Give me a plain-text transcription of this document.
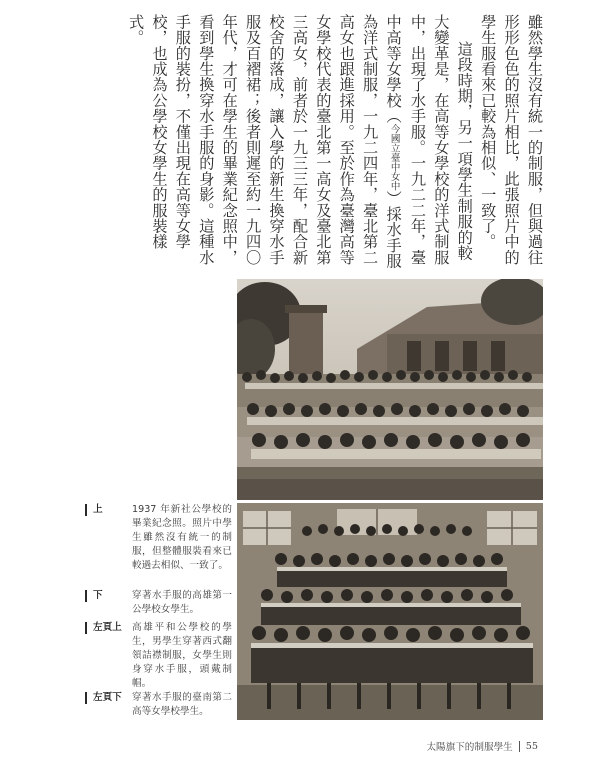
雖然學生沒有統一的制服，但與過往形形色色的照片相比，此張照片中的學生服看來已較為相似、一致了。

這段時期，另一項學生制服的較大變革是，在高等女學校的洋式制服中，出現了水手服。一九二二年，臺中高等女學校（今國立臺中女中）採水手服為洋式制服，一九二四年，臺北第二高女也跟進採用。至於作為臺灣高等女學校代表的臺北第一高女及臺北第三高女，前者於一九三三年，配合新校舍的落成，讓入學的新生換穿水手服及百褶裙；後者則遲至約一九四〇年代，才可在學生的畢業紀念照中，看到學生換穿水手服的身影。這種水手服的裝扮，不僅出現在高等女學校，也成為公學校女學生的服裝樣式。

上	1937 年新社公學校的畢業紀念照。照片中學生雖然沒有統一的制服，但整體服裝看來已較過去相似、一致了。
下	穿著水手服的高雄第一公學校女學生。
左頁上	高雄平和公學校的學生，男學生穿著西式翻領詰襟制服，女學生則身穿水手服，頭戴制帽。
左頁下	穿著水手服的臺南第二高等女學校學生。
太陽旗下的制服學生 55
